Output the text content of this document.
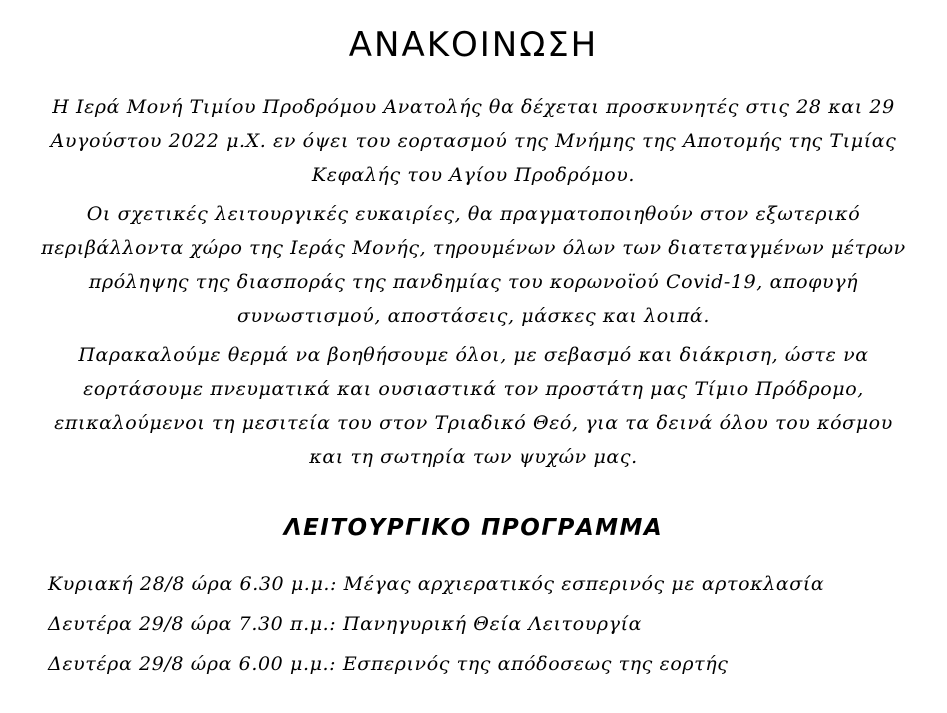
ΑΝΑΚΟΙΝΩΣΗ

Η Ιερά Μονή Τιμίου Προδρόμου Ανατολής θα δέχεται προσκυνητές στις 28 και 29 Αυγούστου 2022 μ.Χ. εν όψει του εορτασμού της Μνήμης της Αποτομής της Τιμίας Κεφαλής του Αγίου Προδρόμου.

Οι σχετικές λειτουργικές ευκαιρίες, θα πραγματοποιηθούν στον εξωτερικό περιβάλλοντα χώρο της Ιεράς Μονής, τηρουμένων όλων των διατεταγμένων μέτρων πρόληψης της διασποράς της πανδημίας του κορωνοϊού Covid-19, αποφυγή συνωστισμού, αποστάσεις, μάσκες και λοιπά.

Παρακαλούμε θερμά να βοηθήσουμε όλοι, με σεβασμό και διάκριση, ώστε να εορτάσουμε πνευματικά και ουσιαστικά τον προστάτη μας Τίμιο Πρόδρομο, επικαλούμενοι τη μεσιτεία του στον Τριαδικό Θεό, για τα δεινά όλου του κόσμου και τη σωτηρία των ψυχών μας.

ΛΕΙΤΟΥΡΓΙΚΟ ΠΡΟΓΡΑΜΜΑ
Κυριακή 28/8 ώρα 6.30 μ.μ.: Μέγας αρχιερατικός εσπερινός με αρτοκλασία
Δευτέρα 29/8 ώρα 7.30 π.μ.: Πανηγυρική Θεία Λειτουργία
Δευτέρα 29/8 ώρα 6.00 μ.μ.: Εσπερινός της απόδοσεως της εορτής
